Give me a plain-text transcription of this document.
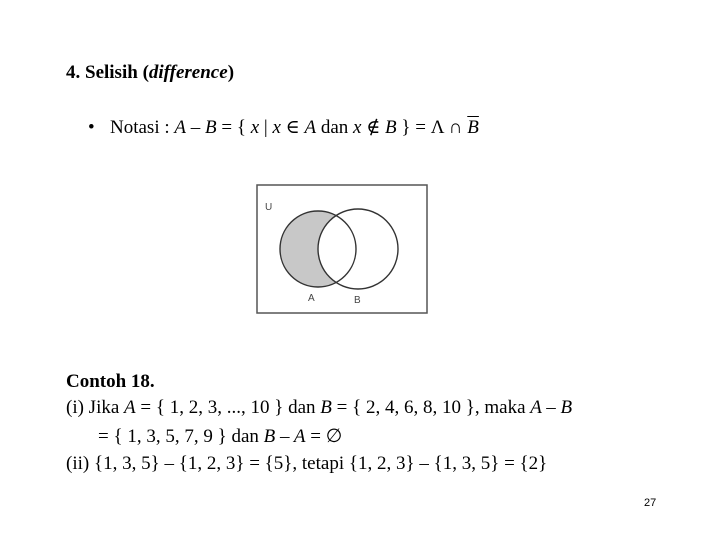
4. Selisih (difference)
• Notasi : A – B = { x | x ∈ A dan x ∉ B } = Λ ∩ $\overline{B}$
U
A	B
Contoh 18.
(i) Jika A = { 1, 2, 3, ..., 10 } dan B = { 2, 4, 6, 8, 10 }, maka A – B
= { 1, 3, 5, 7, 9 } dan B – A = ∅
(ii) {1, 3, 5} – {1, 2, 3} = {5}, tetapi {1, 2, 3} – {1, 3, 5} = {2}
27
